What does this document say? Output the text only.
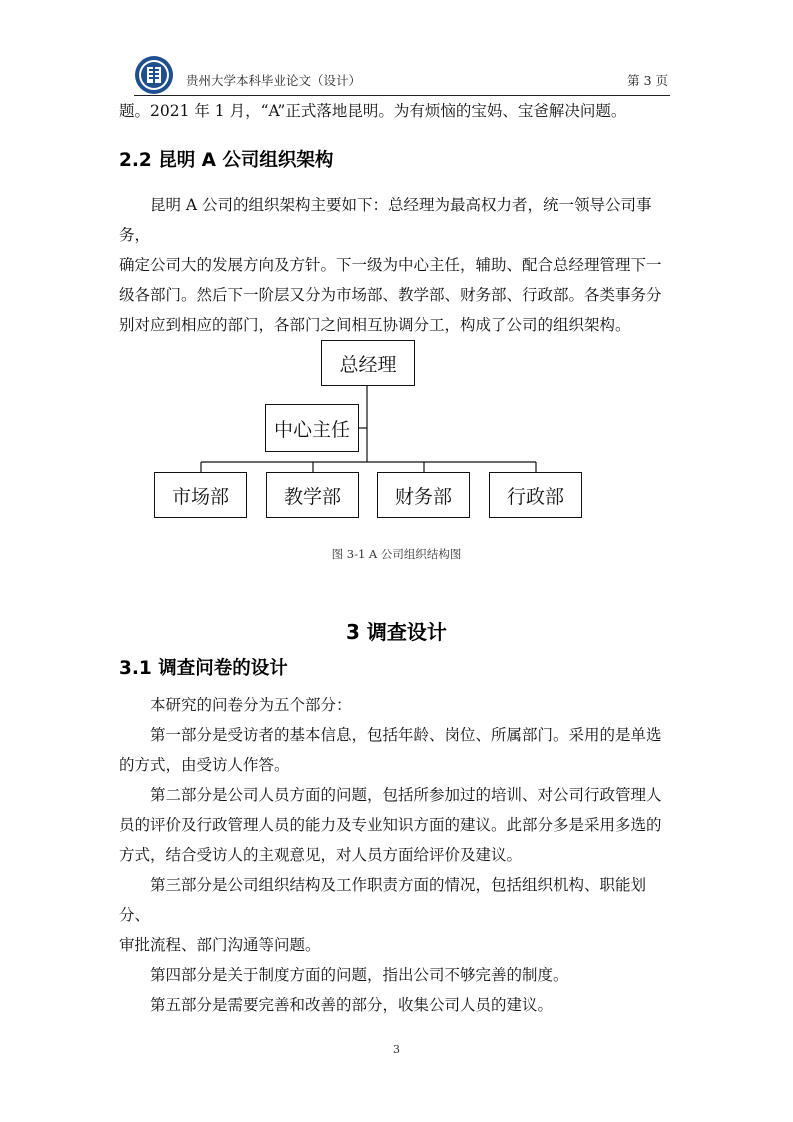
贵州大学本科毕业论文（设计）	第 3 页

题。2021 年 1 月，“A”正式落地昆明。为有烦恼的宝妈、宝爸解决问题。

2.2 昆明 A 公司组织架构
昆明 A 公司的组织架构主要如下：总经理为最高权力者，统一领导公司事务，
确定公司大的发展方向及方针。下一级为中心主任，辅助、配合总经理管理下一
级各部门。然后下一阶层又分为市场部、教学部、财务部、行政部。各类事务分
别对应到相应的部门，各部门之间相互协调分工，构成了公司的组织架构。
总经理
中心主任
市场部	教学部	财务部	行政部
图 3-1 A 公司组织结构图
3 调查设计
3.1 调查问卷的设计
本研究的问卷分为五个部分：
第一部分是受访者的基本信息，包括年龄、岗位、所属部门。采用的是单选
的方式，由受访人作答。
第二部分是公司人员方面的问题，包括所参加过的培训、对公司行政管理人
员的评价及行政管理人员的能力及专业知识方面的建议。此部分多是采用多选的
方式，结合受访人的主观意见，对人员方面给评价及建议。
第三部分是公司组织结构及工作职责方面的情况，包括组织机构、职能划分、
审批流程、部门沟通等问题。
第四部分是关于制度方面的问题，指出公司不够完善的制度。
第五部分是需要完善和改善的部分，收集公司人员的建议。
3
